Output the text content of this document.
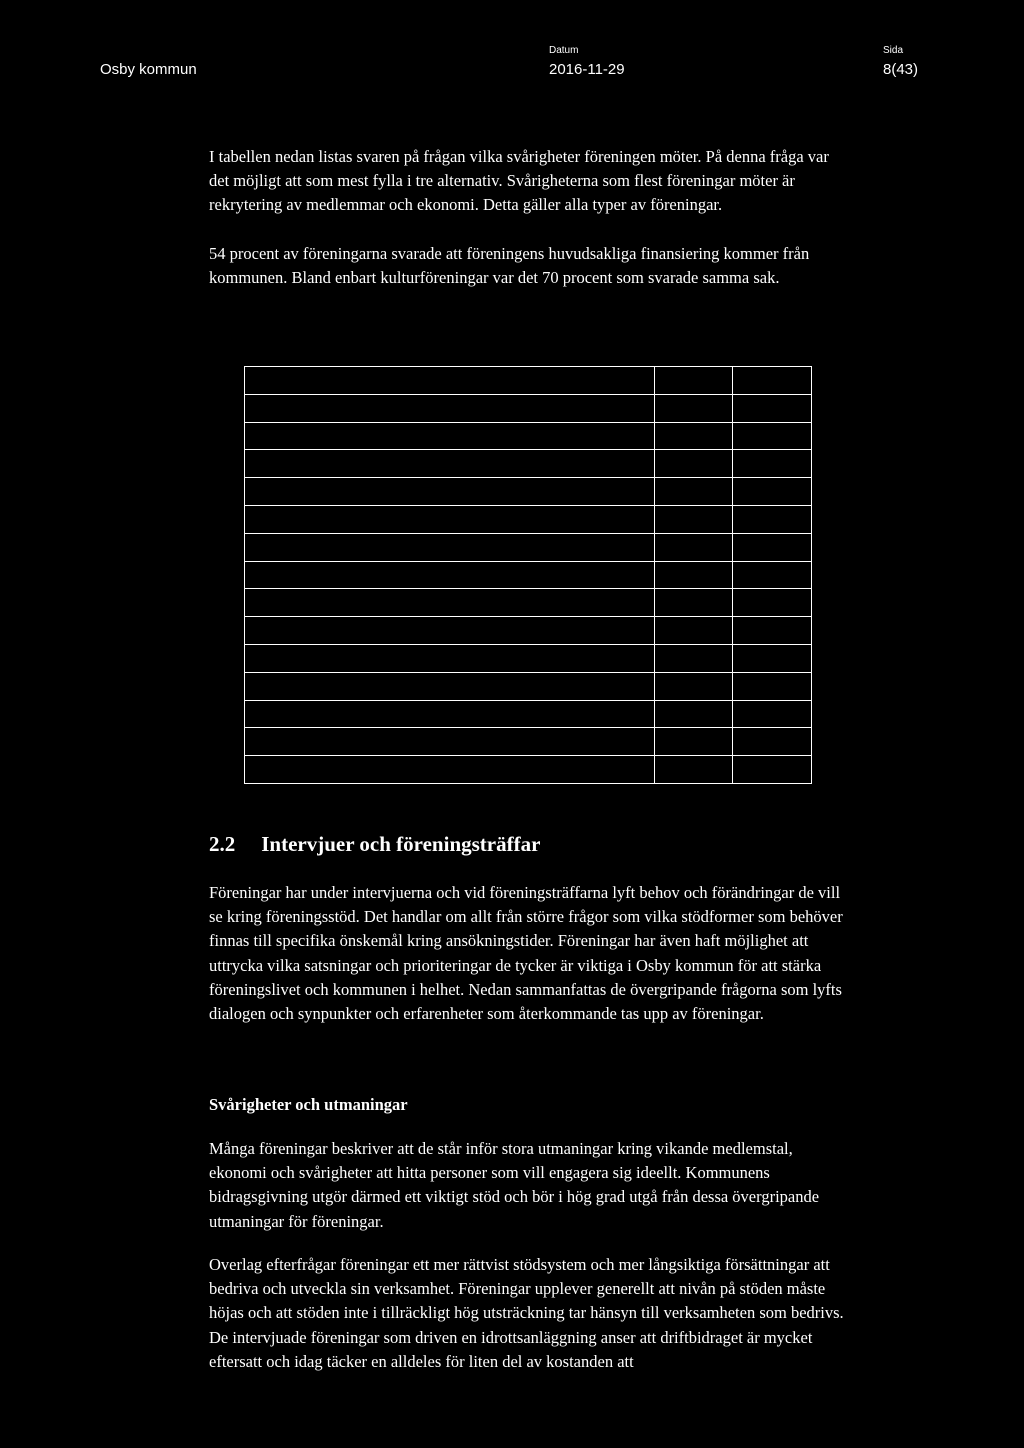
Osby kommun
Datum
2016-11-29
Sida
8(43)

I tabellen nedan listas svaren på frågan vilka svårigheter föreningen möter. På denna fråga var det möjligt att som mest fylla i tre alternativ. Svårigheterna som flest föreningar möter är rekrytering av medlemmar och ekonomi. Detta gäller alla typer av föreningar.

54 procent av föreningarna svarade att föreningens huvudsakliga finansiering kommer från kommunen. Bland enbart kulturföreningar var det 70 procent som svarade samma sak.

2.2 Intervjuer och föreningsträffar
Föreningar har under intervjuerna och vid föreningsträffarna lyft behov och förändringar de vill se kring föreningsstöd. Det handlar om allt från större frågor som vilka stödformer som behöver finnas till specifika önskemål kring ansökningstider. Föreningar har även haft möjlighet att uttrycka vilka satsningar och prioriteringar de tycker är viktiga i Osby kommun för att stärka föreningslivet och kommunen i helhet. Nedan sammanfattas de övergripande frågorna som lyfts dialogen och synpunkter och erfarenheter som återkommande tas upp av föreningar.
Svårigheter och utmaningar
Många föreningar beskriver att de står inför stora utmaningar kring vikande medlemstal, ekonomi och svårigheter att hitta personer som vill engagera sig ideellt. Kommunens bidragsgivning utgör därmed ett viktigt stöd och bör i hög grad utgå från dessa övergripande utmaningar för föreningar.
Overlag efterfrågar föreningar ett mer rättvist stödsystem och mer långsiktiga försättningar att bedriva och utveckla sin verksamhet. Föreningar upplever generellt att nivån på stöden måste höjas och att stöden inte i tillräckligt hög utsträckning tar hänsyn till verksamheten som bedrivs. De intervjuade föreningar som driven en idrottsanläggning anser att driftbidraget är mycket eftersatt och idag täcker en alldeles för liten del av kostanden att
